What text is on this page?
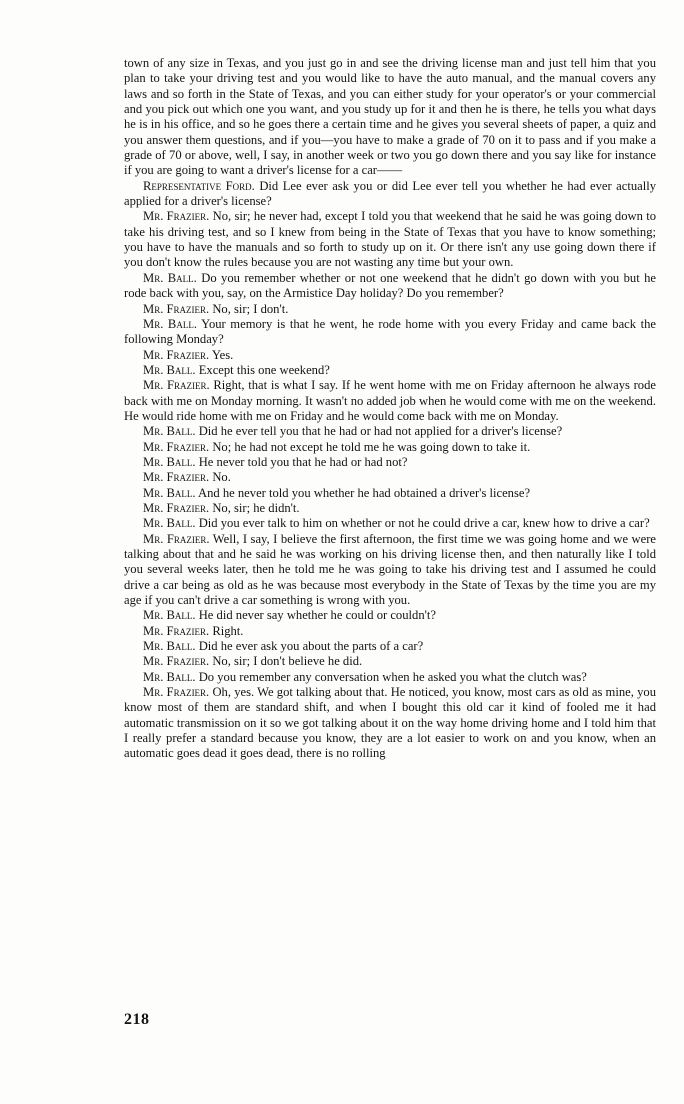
town of any size in Texas, and you just go in and see the driving license man and just tell him that you plan to take your driving test and you would like to have the auto manual, and the manual covers any laws and so forth in the State of Texas, and you can either study for your operator's or your commercial and you pick out which one you want, and you study up for it and then he is there, he tells you what days he is in his office, and so he goes there a certain time and he gives you several sheets of paper, a quiz and you answer them questions, and if you—you have to make a grade of 70 on it to pass and if you make a grade of 70 or above, well, I say, in another week or two you go down there and you say like for instance if you are going to want a driver's license for a car——

Representative Ford. Did Lee ever ask you or did Lee ever tell you whether he had ever actually applied for a driver's license?

Mr. Frazier. No, sir; he never had, except I told you that weekend that he said he was going down to take his driving test, and so I knew from being in the State of Texas that you have to know something; you have to have the manuals and so forth to study up on it. Or there isn't any use going down there if you don't know the rules because you are not wasting any time but your own.

Mr. Ball. Do you remember whether or not one weekend that he didn't go down with you but he rode back with you, say, on the Armistice Day holiday? Do you remember?

Mr. Frazier. No, sir; I don't.

Mr. Ball. Your memory is that he went, he rode home with you every Friday and came back the following Monday?

Mr. Frazier. Yes.

Mr. Ball. Except this one weekend?

Mr. Frazier. Right, that is what I say. If he went home with me on Friday afternoon he always rode back with me on Monday morning. It wasn't no added job when he would come with me on the weekend. He would ride home with me on Friday and he would come back with me on Monday.

Mr. Ball. Did he ever tell you that he had or had not applied for a driver's license?

Mr. Frazier. No; he had not except he told me he was going down to take it.

Mr. Ball. He never told you that he had or had not?

Mr. Frazier. No.

Mr. Ball. And he never told you whether he had obtained a driver's license?

Mr. Frazier. No, sir; he didn't.

Mr. Ball. Did you ever talk to him on whether or not he could drive a car, knew how to drive a car?

Mr. Frazier. Well, I say, I believe the first afternoon, the first time we was going home and we were talking about that and he said he was working on his driving license then, and then naturally like I told you several weeks later, then he told me he was going to take his driving test and I assumed he could drive a car being as old as he was because most everybody in the State of Texas by the time you are my age if you can't drive a car something is wrong with you.

Mr. Ball. He did never say whether he could or couldn't?

Mr. Frazier. Right.

Mr. Ball. Did he ever ask you about the parts of a car?

Mr. Frazier. No, sir; I don't believe he did.

Mr. Ball. Do you remember any conversation when he asked you what the clutch was?

Mr. Frazier. Oh, yes. We got talking about that. He noticed, you know, most cars as old as mine, you know most of them are standard shift, and when I bought this old car it kind of fooled me it had automatic transmission on it so we got talking about it on the way home driving home and I told him that I really prefer a standard because you know, they are a lot easier to work on and you know, when an automatic goes dead it goes dead, there is no rolling

218
